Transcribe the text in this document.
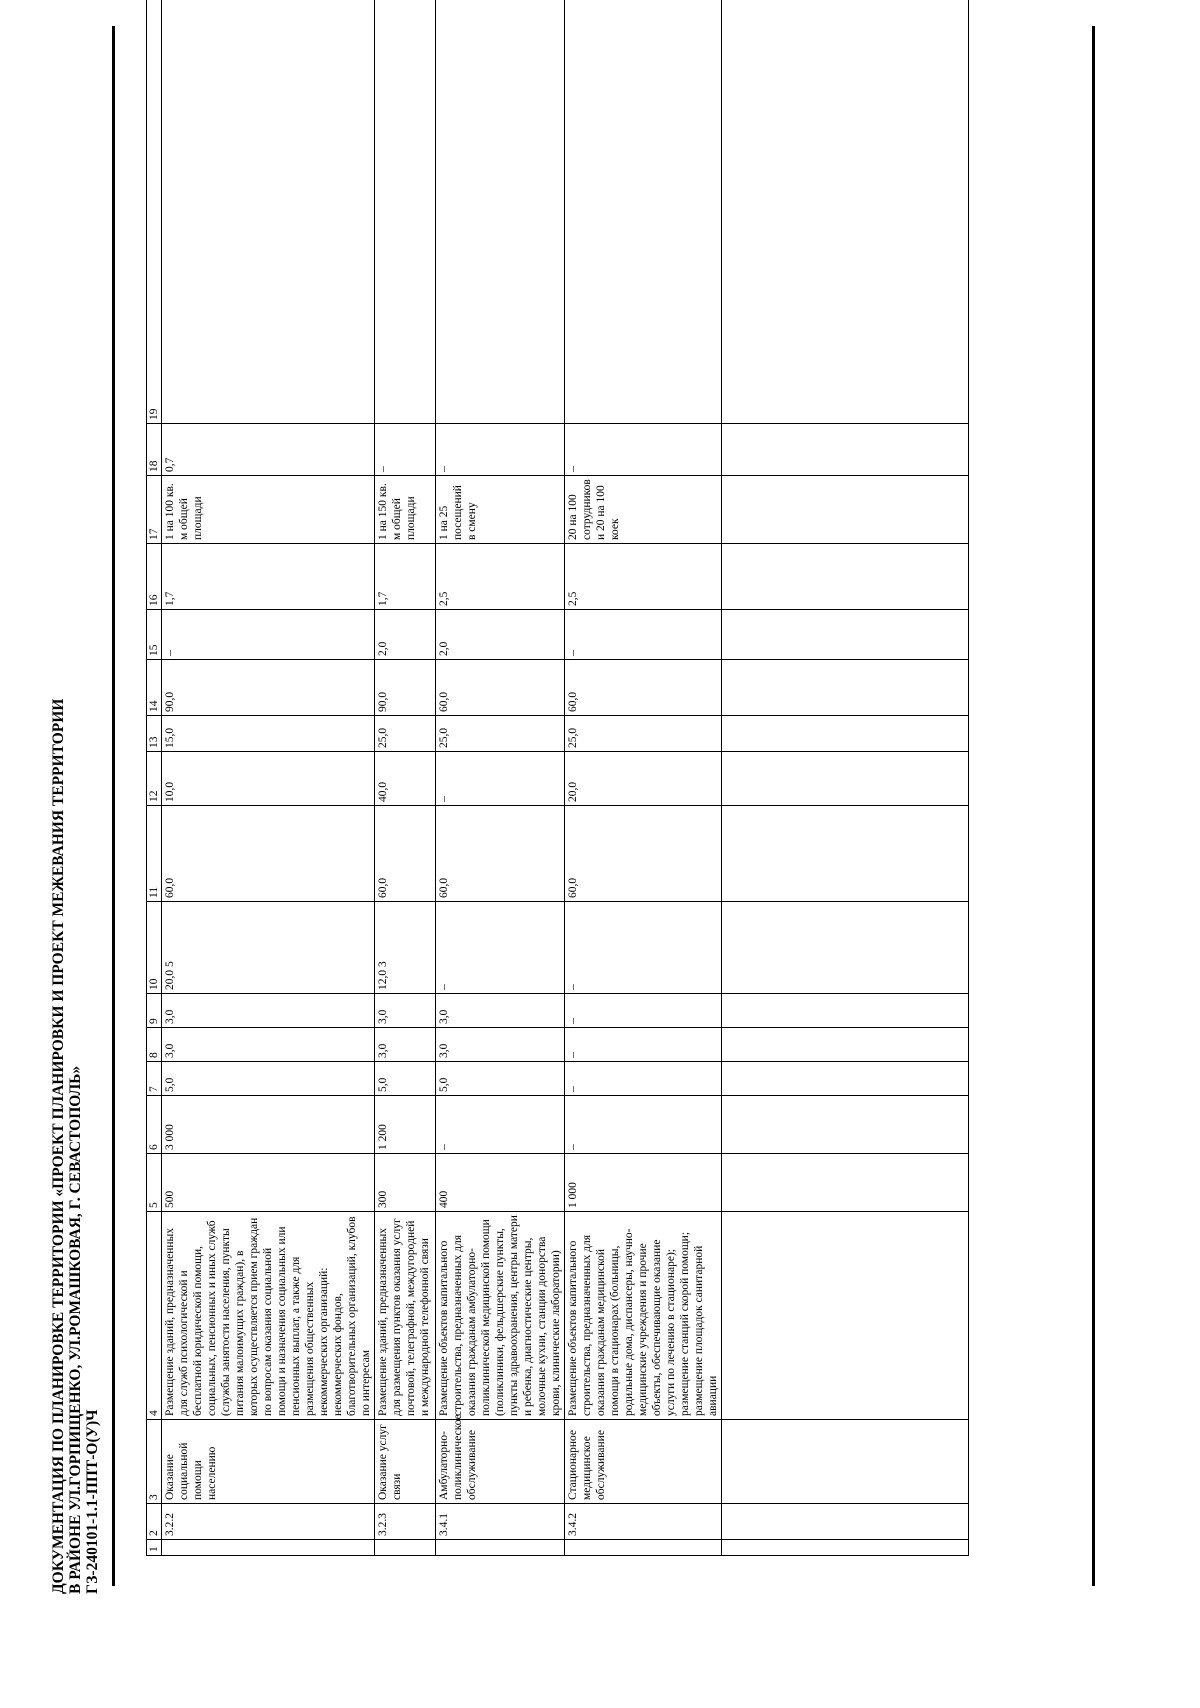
ДОКУМЕНТАЦИЯ ПО ПЛАНИРОВКЕ ТЕРРИТОРИИ «ПРОЕКТ ПЛАНИРОВКИ И ПРОЕКТ МЕЖЕВАНИЯ ТЕРРИТОРИИ В РАЙОНЕ УЛ.ГОРПИЩЕНКО, УЛ.РОМАШКОВАЯ, Г. СЕВАСТОПОЛЬ» ГЗ-240101-1.1-ППТ-О(У)Ч	1	2	3	4	5	6	7	8	9	10	11	12	13	14	15	16	17	18	19
	3.2.2	Оказание социальной помощи населению	Размещение зданий, предназначенных для служб психологической и бесплатной юридической помощи, социальных, пенсионных и иных служб (службы занятости населения, пункты питания малоимущих граждан), в которых осуществляется прием граждан по вопросам оказания социальной помощи и назначения социальных или пенсионных выплат, а также для размещения общественных некоммерческих организаций: некоммерческих фондов, благотворительных организаций, клубов по интересам	500	3 000	5,0	3,0	3,0	20,0 5	60,0	10,0	15,0	90,0	–	1,7	1 на 100 кв. м общей площади	0,7	
	3.2.3	Оказание услуг связи	Размещение зданий, предназначенных для размещения пунктов оказания услуг почтовой, телеграфной, междугородней и международной телефонной связи	300	1 200	5,0	3,0	3,0	12,0 3	60,0	40,0	25,0	90,0	2,0	1,7	1 на 150 кв. м общей площади	–	
	3.4.1	Амбулаторно-поликлиническое обслуживание	Размещение объектов капитального строительства, предназначенных для оказания гражданам амбулаторно-поликлинической медицинской помощи (поликлиники, фельдшерские пункты, пункты здравоохранения, центры матери и ребенка, диагностические центры, молочные кухни, станции донорства крови, клинические лаборатории)	400	–	5,0	3,0	3,0	–	60,0	–	25,0	60,0	2,0	2,5	1 на 25 посещений в смену	–	
	3.4.2	Стационарное медицинское обслуживание	Размещение объектов капитального строительства, предназначенных для оказания гражданам медицинской помощи в стационарах (больницы, родильные дома, диспансеры, научно-медицинские учреждения и прочие объекты, обеспечивающие оказание услуги по лечению в стационаре); размещение станций скорой помощи; размещение площадок санитарной авиации	1 000	–	–	–	–	–	60,0	20,0	25,0	60,0	–	2,5	20 на 100 сотрудников и 20 на 100 коек	–	
